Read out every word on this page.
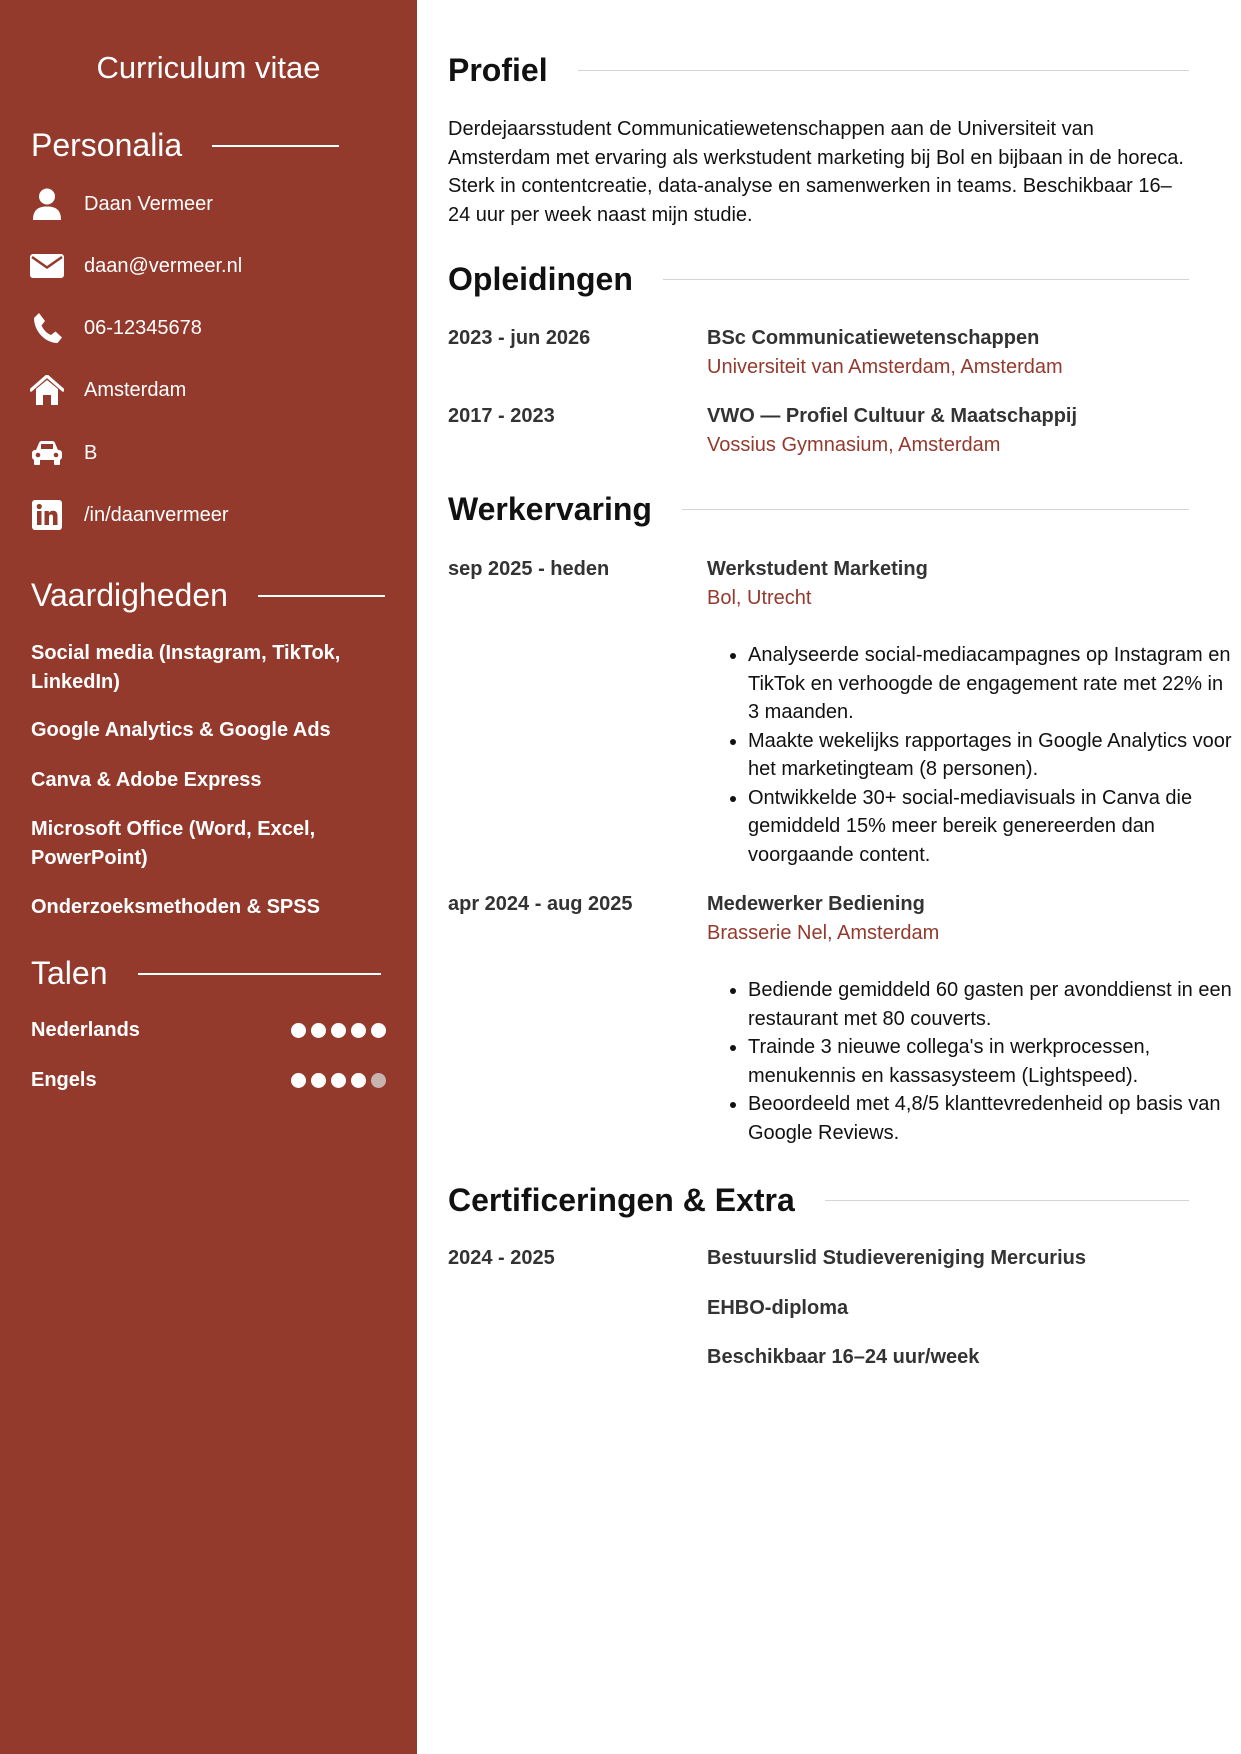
Curriculum vitae
Personalia
Daan Vermeer
daan@vermeer.nl
06-12345678
Amsterdam
B
/in/daanvermeer
Vaardigheden
Social media (Instagram, TikTok, LinkedIn)
Google Analytics & Google Ads
Canva & Adobe Express
Microsoft Office (Word, Excel, PowerPoint)
Onderzoeksmethoden & SPSS
Talen
Nederlands
Engels
Profiel
Derdejaarsstudent Communicatiewetenschappen aan de Universiteit van Amsterdam met ervaring als werkstudent marketing bij Bol en bijbaan in de horeca. Sterk in contentcreatie, data-analyse en samenwerken in teams. Beschikbaar 16–24 uur per week naast mijn studie.
Opleidingen
2023 - jun 2026	BSc Communicatiewetenschappen
Universiteit van Amsterdam, Amsterdam
2017 - 2023	VWO — Profiel Cultuur & Maatschappij
Vossius Gymnasium, Amsterdam
Werkervaring
sep 2025 - heden	Werkstudent Marketing
Bol, Utrecht
• Analyseerde social-mediacampagnes op Instagram en TikTok en verhoogde de engagement rate met 22% in 3 maanden.
• Maakte wekelijks rapportages in Google Analytics voor het marketingteam (8 personen).
• Ontwikkelde 30+ social-mediavisuals in Canva die gemiddeld 15% meer bereik genereerden dan voorgaande content.
apr 2024 - aug 2025	Medewerker Bediening
Brasserie Nel, Amsterdam
• Bediende gemiddeld 60 gasten per avonddienst in een restaurant met 80 couverts.
• Trainde 3 nieuwe collega's in werkprocessen, menukennis en kassasysteem (Lightspeed).
• Beoordeeld met 4,8/5 klanttevredenheid op basis van Google Reviews.
Certificeringen & Extra
2024 - 2025	Bestuurslid Studievereniging Mercurius
EHBO-diploma
Beschikbaar 16–24 uur/week
